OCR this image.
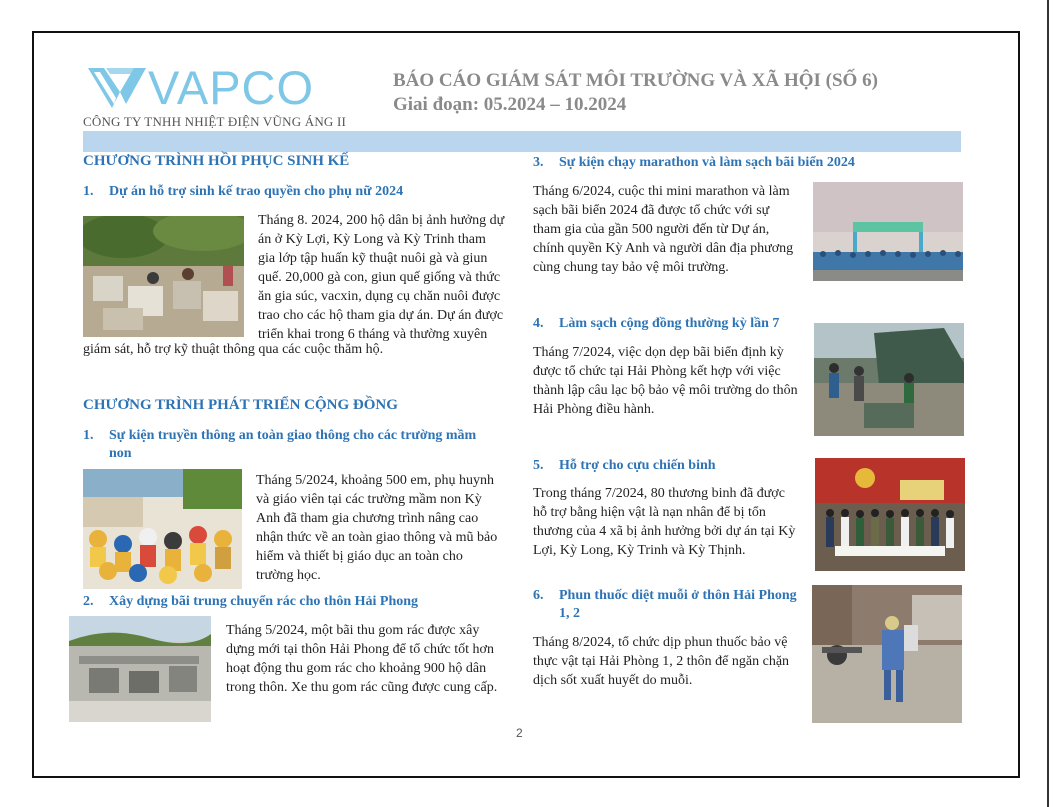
VAPCO
CÔNG TY TNHH NHIỆT ĐIỆN VŨNG ÁNG II
BÁO CÁO GIÁM SÁT MÔI TRƯỜNG VÀ XÃ HỘI (SỐ 6)
Giai đoạn: 05.2024 – 10.2024
CHƯƠNG TRÌNH HỒI PHỤC SINH KẾ
1. Dự án hỗ trợ sinh kế trao quyền cho phụ nữ 2024
Tháng 8. 2024, 200 hộ dân bị ảnh hưởng dự
án ở Kỳ Lợi, Kỳ Long và Kỳ Trinh tham
gia lớp tập huấn kỹ thuật nuôi gà và giun
quế. 20,000 gà con, giun quế giống và thức
ăn gia súc, vacxin, dụng cụ chăn nuôi được
trao cho các hộ tham gia dự án. Dự án được
triển khai trong 6 tháng và thường xuyên
giám sát, hỗ trợ kỹ thuật thông qua các cuộc thăm hộ.
CHƯƠNG TRÌNH PHÁT TRIỂN CỘNG ĐỒNG
1. Sự kiện truyền thông an toàn giao thông cho các trường mầm
non
Tháng 5/2024, khoảng 500 em, phụ huynh
và giáo viên tại các trường mầm non Kỳ
Anh đã tham gia chương trình nâng cao
nhận thức về an toàn giao thông và mũ bảo
hiểm và thiết bị giáo dục an toàn cho
trường học.
2. Xây dựng bãi trung chuyển rác cho thôn Hải Phong
Tháng 5/2024, một bãi thu gom rác được xây
dựng mới tại thôn Hải Phong để tổ chức tốt hơn
hoạt động thu gom rác cho khoảng 900 hộ dân
trong thôn. Xe thu gom rác cũng được cung cấp.
3. Sự kiện chạy marathon và làm sạch bãi biển 2024
Tháng 6/2024, cuộc thi mini marathon và làm
sạch bãi biển 2024 đã được tổ chức với sự
tham gia của gần 500 người đến từ Dự án,
chính quyền Kỳ Anh và người dân địa phương
cùng chung tay bảo vệ môi trường.
4. Làm sạch cộng đồng thường kỳ lần 7
Tháng 7/2024, việc dọn dẹp bãi biển định kỳ
được tổ chức tại Hải Phòng kết hợp với việc
thành lập câu lạc bộ bảo vệ môi trường do thôn
Hải Phòng điều hành.
5. Hỗ trợ cho cựu chiến binh
Trong tháng 7/2024, 80 thương binh đã được
hỗ trợ bằng hiện vật là nạn nhân để bị tổn
thương của 4 xã bị ảnh hưởng bởi dự án tại Kỳ
Lợi, Kỳ Long, Kỳ Trinh và Kỳ Thịnh.
6. Phun thuốc diệt muỗi ở thôn Hải Phong
1, 2
Tháng 8/2024, tổ chức dịp phun thuốc bảo vệ
thực vật tại Hải Phòng 1, 2 thôn để ngăn chặn
dịch sốt xuất huyết do muỗi.
2
